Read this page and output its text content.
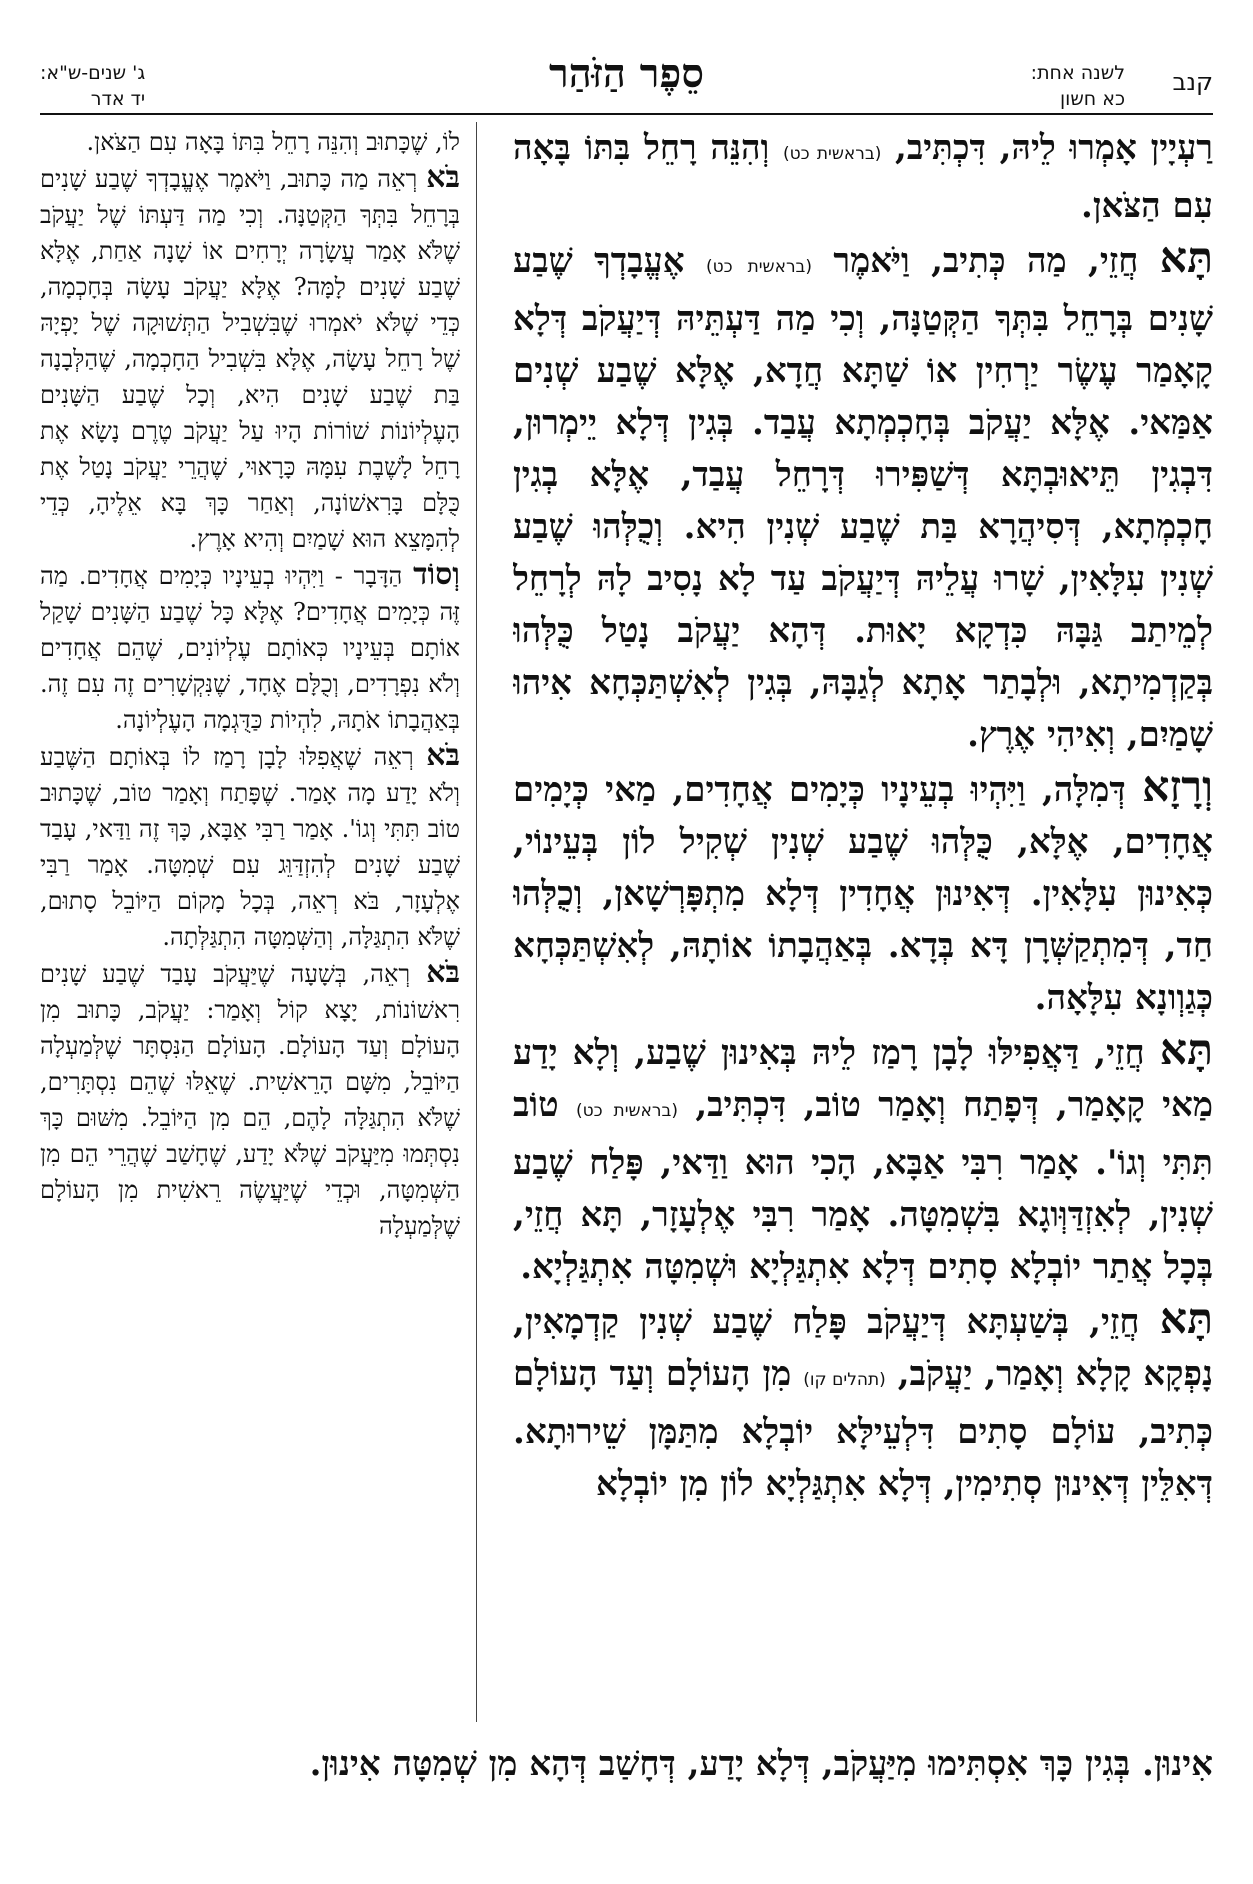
קנב
לשנה אחת:
כא חשון
סֵפֶר הַזֹּהַר
ג' שנים-ש"א:
יד אדר

רַעְיָין אָמְרוּ לֵיהּ, דִּכְתִּיב, (בראשית כט) וְהִנֵּה רָחֵל בִּתּוֹ בָּאָה עִם הַצֹּאן.

תָּא חֲזֵי, מַה כְּתִיב, וַיֹּאמֶר (בראשית כט) אֶעֱבָדְךָ שֶׁבַע שָׁנִים בְּרָחֵל בִּתְּךָ הַקְּטַנָּה, וְכִי מַה דַּעְתֵּיהּ דְּיַעֲקֹב דְּלָא קָאָמַר עֶשֶׂר יַרְחִין אוֹ שַׁתָּא חֲדָא, אֶלָּא שֶׁבַע שְׁנִים אַמַּאי. אֶלָּא יַעֲקֹב בְּחָכְמְתָא עֲבַד. בְּגִין דְּלָא יֵימְרוּן, דִּבְגִין תֵּיאוּבְתָּא דְּשַׁפִּירוּ דְּרָחֵל עֲבַד, אֶלָּא בְגִין חָכְמְתָא, דְּסִיהֲרָא בַּת שֶׁבַע שְׁנִין הִיא. וְכֻלְּהוּ שֶׁבַע שְׁנִין עִלָּאִין, שָׁרוּ עֲלֵיהּ דְּיַעֲקֹב עַד לָא נָסִיב לָהּ לְרָחֵל לְמֵיתַב גַּבָּהּ כִּדְקָא יָאוּת. דְּהָא יַעֲקֹב נָטַל כֻּלְּהוּ בְּקַדְמִיתָא, וּלְבָתַר אָתָא לְגַבָּהּ, בְּגִין לְאִשְׁתַּכְּחָא אִיהוּ שָׁמַיִם, וְאִיהִי אֶרֶץ.

וְרָזָא דְּמִלָּה, וַיִּהְיוּ בְעֵינָיו כְּיָמִים אֲחָדִים, מַאי כְּיָמִים אֲחָדִים, אֶלָּא, כֻּלְּהוּ שֶׁבַע שְׁנִין שְׁקִיל לוֹן בְּעֵינוֹי, כְּאִינוּן עִלָּאִין. דְּאִינוּן אֲחָדִין דְּלָא מִתְפָּרְשָׁאן, וְכֻלְּהוּ חַד, דְּמִתְקַשְּׁרָן דָּא בְּדָא. בְּאַהֲבָתוֹ אוֹתָהּ, לְאִשְׁתַּכְּחָא כְּגַוְונָא עִלָּאָה.

תָּא חֲזֵי, דַּאֲפִילּוּ לָבָן רָמַז לֵיהּ בְּאִינוּן שֶׁבַע, וְלָא יָדַע מַאי קָאָמַר, דְּפָתַח וְאָמַר טוֹב, דִּכְתִּיב, (בראשית כט) טוֹב תִּתִּי וְגוֹ'. אָמַר רִבִּי אַבָּא, הָכִי הוּא וַדַּאי, פָּלַח שֶׁבַע שְׁנִין, לְאִזְדַּוְּוגָא בִּשְׁמִטָּה. אָמַר רִבִּי אֶלְעָזָר, תָּא חֲזֵי, בְּכָל אֲתַר יוֹבְלָא סָתִים דְּלָא אִתְגַּלְיָא וּשְׁמִטָּה אִתְגַּלְיָא.

תָּא חֲזֵי, בְּשַׁעְתָּא דְּיַעֲקֹב פָּלַח שֶׁבַע שְׁנִין קַדְמָאִין, נָפְקָא קָלָא וְאָמַר, יַעֲקֹב, (תהלים קו) מִן הָעוֹלָם וְעַד הָעוֹלָם כְּתִיב, עוֹלָם סָתִים דִּלְעֵילָּא יוֹבְלָא מִתַּמָּן שֵׁירוּתָא. דְּאִלֵּין דְּאִינוּן סְתִימִין, דְּלָא אִתְגַּלְיָא לוֹן מִן יוֹבְלָא

לוֹ, שֶׁכָּתוּב וְהִנֵּה רָחֵל בִּתּוֹ בָּאָה עִם הַצֹּאן.

בֹּא רְאֵה מַה כָּתוּב, וַיֹּאמֶר אֶעֱבָדְךָ שֶׁבַע שָׁנִים בְּרָחֵל בִּתְּךָ הַקְּטַנָּה. וְכִי מַה דַּעְתּוֹ שֶׁל יַעֲקֹב שֶׁלֹּא אָמַר עֲשָׂרָה יְרָחִים אוֹ שָׁנָה אַחַת, אֶלָּא שֶׁבַע שָׁנִים לָמָּה? אֶלָּא יַעֲקֹב עָשָׂה בְּחָכְמָה, כְּדֵי שֶׁלֹּא יֹאמְרוּ שֶׁבִּשְׁבִיל הַתְּשׁוּקָה שֶׁל יָפְיָהּ שֶׁל רָחֵל עָשָׂה, אֶלָּא בִּשְׁבִיל הַחָכְמָה, שֶׁהַלְּבָנָה בַּת שֶׁבַע שָׁנִים הִיא, וְכָל שֶׁבַע הַשָּׁנִים הָעֶלְיוֹנוֹת שׁוֹרוֹת הָיוּ עַל יַעֲקֹב טֶרֶם נָשָׂא אֶת רָחֵל לָשֶׁבֶת עִמָּהּ כָּרָאוּי, שֶׁהֲרֵי יַעֲקֹב נָטַל אֶת כֻּלָּם בָּרִאשׁוֹנָה, וְאַחַר כָּךְ בָּא אֵלֶיהָ, כְּדֵי לְהִמָּצֵא הוּא שָׁמַיִם וְהִיא אָרֶץ.

וְסוֹד הַדָּבָר - וַיִּהְיוּ בְעֵינָיו כְּיָמִים אֲחָדִים. מַה זֶּה כְּיָמִים אֲחָדִים? אֶלָּא כָּל שֶׁבַע הַשָּׁנִים שָׁקַל אוֹתָם בְּעֵינָיו כְּאוֹתָם עֶלְיוֹנִים, שֶׁהֵם אֲחָדִים וְלֹא נִפְרָדִים, וְכֻלָּם אֶחָד, שֶׁנִּקְשָׁרִים זֶה עִם זֶה. בְּאַהֲבָתוֹ אֹתָהּ, לִהְיוֹת כַּדֻּגְמָה הָעֶלְיוֹנָה.

בֹּא רְאֵה שֶׁאֲפִלּוּ לָבָן רָמַז לוֹ בְּאוֹתָם הַשֶּׁבַע וְלֹא יָדַע מָה אָמַר. שֶׁפָּתַח וְאָמַר טוֹב, שֶׁכָּתוּב טוֹב תִּתִּי וְגוֹ'. אָמַר רַבִּי אַבָּא, כָּךְ זֶה וַדַּאי, עָבַד שֶׁבַע שָׁנִים לְהִזְדַּוֵּג עִם שְׁמִטָּה. אָמַר רַבִּי אֶלְעָזָר, בֹּא רְאֵה, בְּכָל מָקוֹם הַיּוֹבֵל סָתוּם, שֶׁלֹּא הִתְגַּלָּה, וְהַשְּׁמִטָּה הִתְגַּלְּתָה.

בֹּא רְאֵה, בְּשָׁעָה שֶׁיַּעֲקֹב עָבַד שֶׁבַע שָׁנִים רִאשׁוֹנוֹת, יָצָא קוֹל וְאָמַר: יַעֲקֹב, כָּתוּב מִן הָעוֹלָם וְעַד הָעוֹלָם. הָעוֹלָם הַנִּסְתָּר שֶׁלְּמַעְלָה הַיּוֹבֵל, מִשָּׁם הָרֵאשִׁית. שֶׁאֵלּוּ שֶׁהֵם נִסְתָּרִים, שֶׁלֹּא הִתְגַּלָּה לָהֶם, הֵם מִן הַיּוֹבֵל. מִשּׁוּם כָּךְ נִסְתְּמוּ מִיַּעֲקֹב שֶׁלֹּא יָדַע, שֶׁחָשַׁב שֶׁהֲרֵי הֵם מִן הַשְּׁמִטָּה, וּכְדֵי שֶׁיַּעֲשֶׂה רֵאשִׁית מִן הָעוֹלָם שֶׁלְּמַעְלָה

אִינוּן. בְּגִין כָּךְ אִסְתִּימוּ מִיַּעֲקֹב, דְּלָא יָדַע, דְּחָשַׁב דְּהָא מִן שְׁמִטָּה אִינוּן.
